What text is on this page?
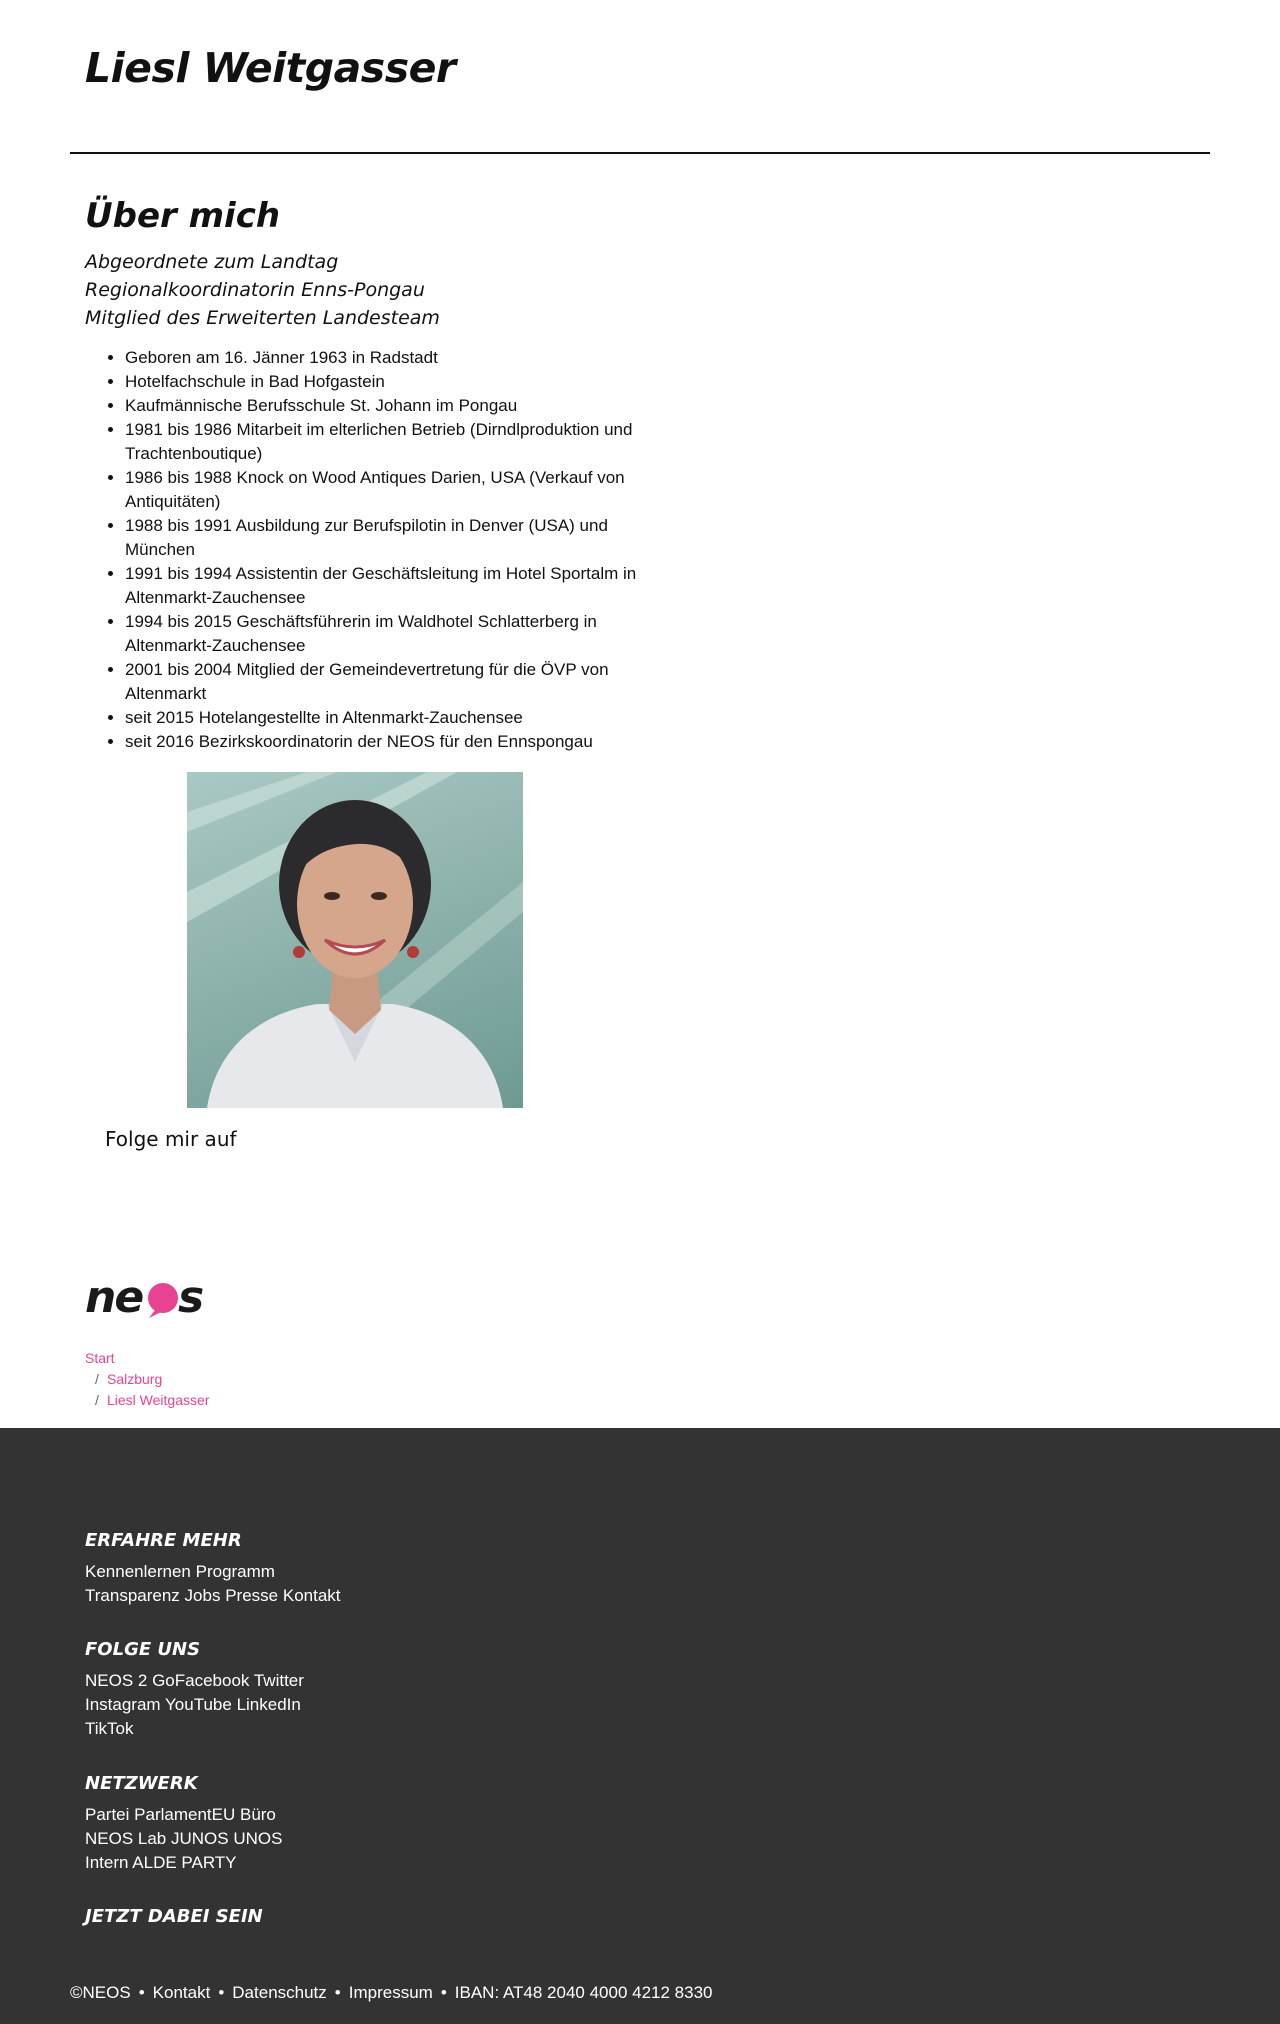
Liesl Weitgasser
Über mich
Abgeordnete zum Landtag
Regionalkoordinatorin Enns-Pongau
Mitglied des Erweiterten Landesteam
• Geboren am 16. Jänner 1963 in Radstadt
• Hotelfachschule in Bad Hofgastein
• Kaufmännische Berufsschule St. Johann im Pongau
• 1981 bis 1986 Mitarbeit im elterlichen Betrieb (Dirndlproduktion und Trachtenboutique)
• 1986 bis 1988 Knock on Wood Antiques Darien, USA (Verkauf von Antiquitäten)
• 1988 bis 1991 Ausbildung zur Berufspilotin in Denver (USA) und München
• 1991 bis 1994 Assistentin der Geschäftsleitung im Hotel Sportalm in Altenmarkt-Zauchensee
• 1994 bis 2015 Geschäftsführerin im Waldhotel Schlatterberg in Altenmarkt-Zauchensee
• 2001 bis 2004 Mitglied der Gemeindevertretung für die ÖVP von Altenmarkt
• seit 2015 Hotelangestellte in Altenmarkt-Zauchensee
• seit 2016 Bezirkskoordinatorin der NEOS für den Ennspongau
Folge mir auf
ne s
Start
/ Salzburg
/ Liesl Weitgasser
ERFAHRE MEHR
Kennenlernen Programm Transparenz Jobs Presse Kontakt
FOLGE UNS
NEOS 2 GoFacebook Twitter Instagram YouTube LinkedIn TikTok
NETZWERK
Partei ParlamentEU Büro NEOS Lab JUNOS UNOS Intern ALDE PARTY
JETZT DABEI SEIN
©NEOS • Kontakt • Datenschutz • Impressum • IBAN: AT48 2040 4000 4212 8330
